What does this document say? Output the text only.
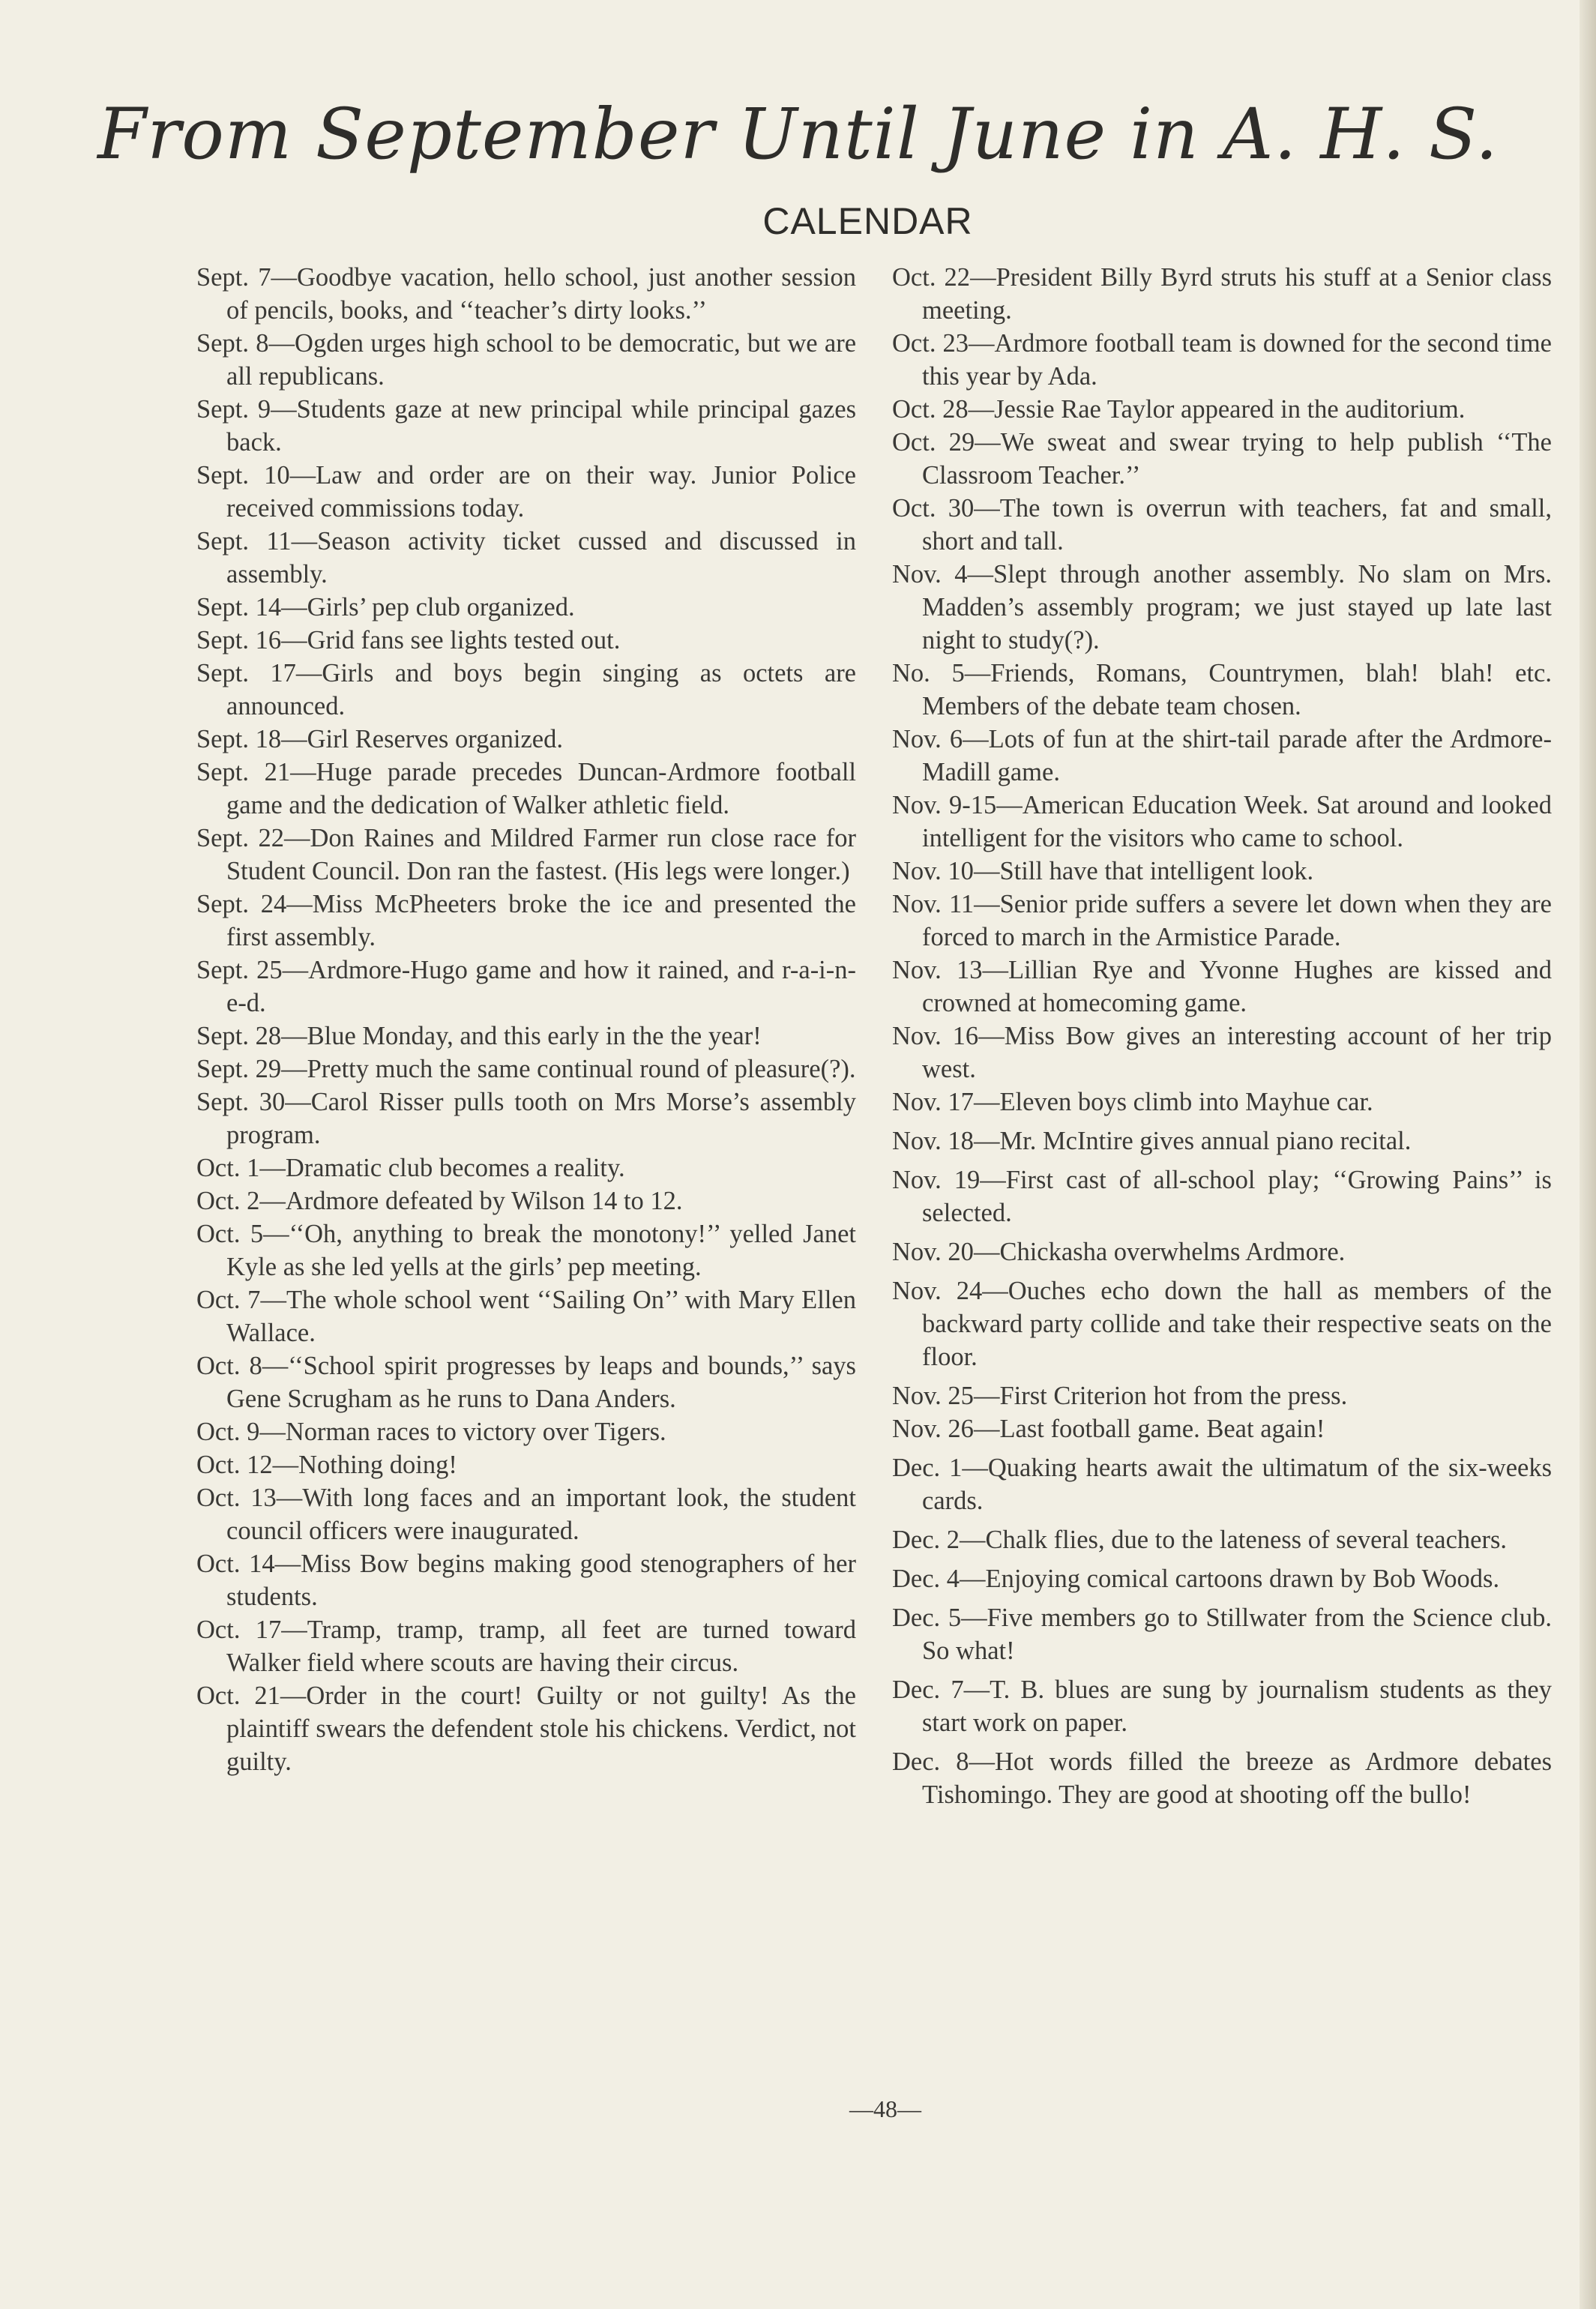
From September Until June in A. H. S.
CALENDAR
Sept. 7—Goodbye vacation, hello school, just another session of pencils, books, and ‘‘teacher’s dirty looks.’’
Sept. 8—Ogden urges high school to be democratic, but we are all republicans.
Sept. 9—Students gaze at new principal while principal gazes back.
Sept. 10—Law and order are on their way. Junior Police received commissions today.
Sept. 11—Season activity ticket cussed and discussed in assembly.
Sept. 14—Girls’ pep club organized.
Sept. 16—Grid fans see lights tested out.
Sept. 17—Girls and boys begin singing as octets are announced.
Sept. 18—Girl Reserves organized.
Sept. 21—Huge parade precedes Duncan-Ardmore football game and the dedication of Walker athletic field.
Sept. 22—Don Raines and Mildred Farmer run close race for Student Council. Don ran the fastest. (His legs were longer.)
Sept. 24—Miss McPheeters broke the ice and presented the first assembly.
Sept. 25—Ardmore-Hugo game and how it rained, and r-a-i-n-e-d.
Sept. 28—Blue Monday, and this early in the the year!
Sept. 29—Pretty much the same continual round of pleasure(?).
Sept. 30—Carol Risser pulls tooth on Mrs Morse’s assembly program.
Oct. 1—Dramatic club becomes a reality.
Oct. 2—Ardmore defeated by Wilson 14 to 12.
Oct. 5—‘‘Oh, anything to break the monotony!’’ yelled Janet Kyle as she led yells at the girls’ pep meeting.
Oct. 7—The whole school went ‘‘Sailing On’’ with Mary Ellen Wallace.
Oct. 8—‘‘School spirit progresses by leaps and bounds,’’ says Gene Scrugham as he runs to Dana Anders.
Oct. 9—Norman races to victory over Tigers.
Oct. 12—Nothing doing!
Oct. 13—With long faces and an important look, the student council officers were inaugurated.
Oct. 14—Miss Bow begins making good stenographers of her students.
Oct. 17—Tramp, tramp, tramp, all feet are turned toward Walker field where scouts are having their circus.
Oct. 21—Order in the court! Guilty or not guilty! As the plaintiff swears the defendent stole his chickens. Verdict, not guilty.
Oct. 22—President Billy Byrd struts his stuff at a Senior class meeting.
Oct. 23—Ardmore football team is downed for the second time this year by Ada.
Oct. 28—Jessie Rae Taylor appeared in the auditorium.
Oct. 29—We sweat and swear trying to help publish ‘‘The Classroom Teacher.’’
Oct. 30—The town is overrun with teachers, fat and small, short and tall.
Nov. 4—Slept through another assembly. No slam on Mrs. Madden’s assembly program; we just stayed up late last night to study(?).
No. 5—Friends, Romans, Countrymen, blah! blah! etc. Members of the debate team chosen.
Nov. 6—Lots of fun at the shirt-tail parade after the Ardmore-Madill game.
Nov. 9-15—American Education Week. Sat around and looked intelligent for the visitors who came to school.
Nov. 10—Still have that intelligent look.
Nov. 11—Senior pride suffers a severe let down when they are forced to march in the Armistice Parade.
Nov. 13—Lillian Rye and Yvonne Hughes are kissed and crowned at homecoming game.
Nov. 16—Miss Bow gives an interesting account of her trip west.
Nov. 17—Eleven boys climb into Mayhue car.
Nov. 18—Mr. McIntire gives annual piano recital.
Nov. 19—First cast of all-school play; ‘‘Growing Pains’’ is selected.
Nov. 20—Chickasha overwhelms Ardmore.
Nov. 24—Ouches echo down the hall as members of the backward party collide and take their respective seats on the floor.
Nov. 25—First Criterion hot from the press.
Nov. 26—Last football game. Beat again!
Dec. 1—Quaking hearts await the ultimatum of the six-weeks cards.
Dec. 2—Chalk flies, due to the lateness of several teachers.
Dec. 4—Enjoying comical cartoons drawn by Bob Woods.
Dec. 5—Five members go to Stillwater from the Science club. So what!
Dec. 7—T. B. blues are sung by journalism students as they start work on paper.
Dec. 8—Hot words filled the breeze as Ardmore debates Tishomingo. They are good at shooting off the bullo!
—48—
